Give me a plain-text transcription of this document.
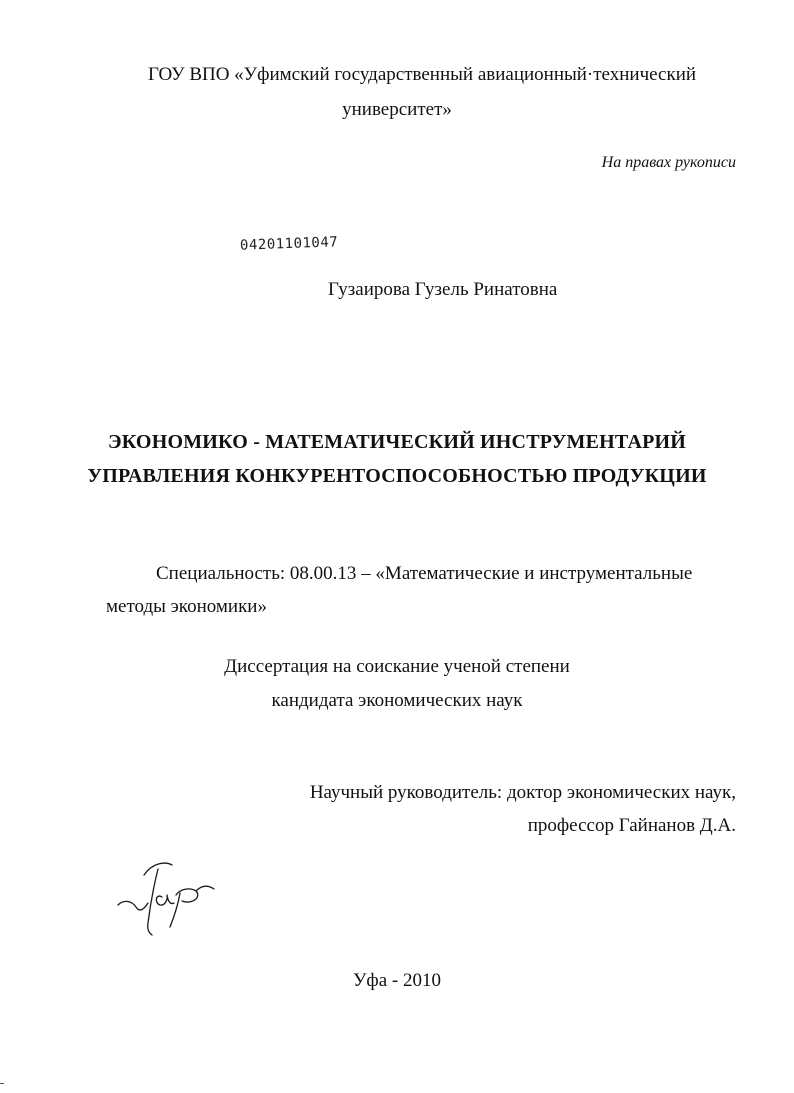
ГОУ ВПО «Уфимский государственный авиационный·технический
университет»
На правах рукописи
04201101047
Гузаирова Гузель Ринатовна
ЭКОНОМИКО - МАТЕМАТИЧЕСКИЙ ИНСТРУМЕНТАРИЙ
УПРАВЛЕНИЯ КОНКУРЕНТОСПОСОБНОСТЬЮ ПРОДУКЦИИ
Специальность: 08.00.13 – «Математические и инструментальные
методы экономики»
Диссертация на соискание ученой степени
кандидата экономических наук
Научный руководитель: доктор экономических наук,
профессор Гайнанов Д.А.
Уфа - 2010
